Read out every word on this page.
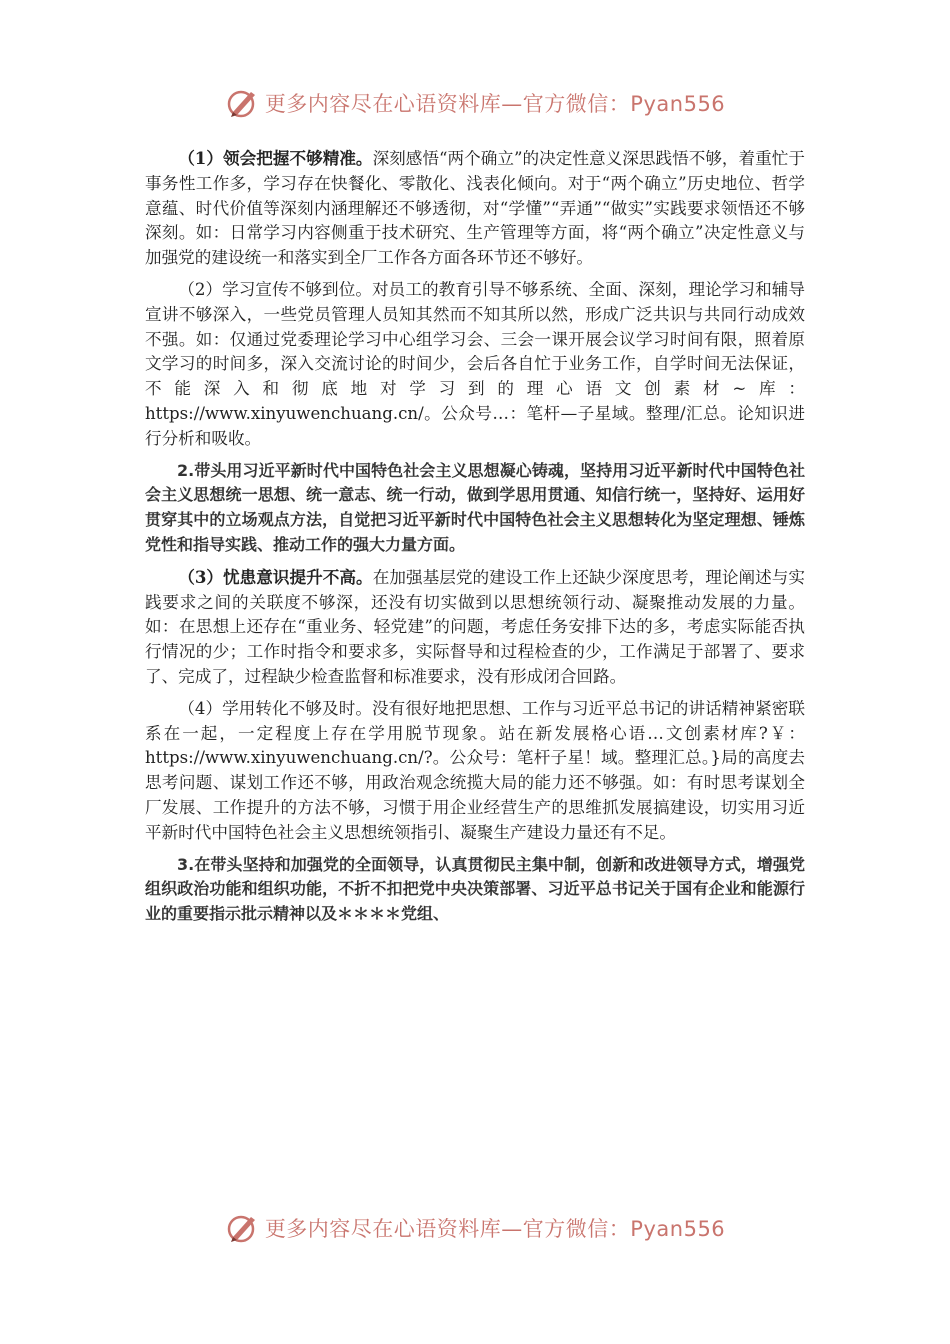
更多内容尽在心语资料库—官方微信：Pyan556

（1）领会把握不够精准。深刻感悟“两个确立”的决定性意义深思践悟不够，着重忙于事务性工作多，学习存在快餐化、零散化、浅表化倾向。对于“两个确立”历史地位、哲学意蕴、时代价值等深刻内涵理解还不够透彻，对“学懂”“弄通”“做实”实践要求领悟还不够深刻。如：日常学习内容侧重于技术研究、生产管理等方面，将“两个确立”决定性意义与加强党的建设统一和落实到全厂工作各方面各环节还不够好。

（2）学习宣传不够到位。对员工的教育引导不够系统、全面、深刻，理论学习和辅导宣讲不够深入，一些党员管理人员知其然而不知其所以然，形成广泛共识与共同行动成效不强。如：仅通过党委理论学习中心组学习会、三会一课开展会议学习时间有限，照着原文学习的时间多，深入交流讨论的时间少，会后各自忙于业务工作，自学时间无法保证，不能深入和彻底地对学习到的理心语文创素材~库：https://www.xinyuwenchuang.cn/。公众号…：笔杆—子星域。整理/汇总。论知识进行分析和吸收。

2.带头用习近平新时代中国特色社会主义思想凝心铸魂，坚持用习近平新时代中国特色社会主义思想统一思想、统一意志、统一行动，做到学思用贯通、知信行统一，坚持好、运用好贯穿其中的立场观点方法，自觉把习近平新时代中国特色社会主义思想转化为坚定理想、锤炼党性和指导实践、推动工作的强大力量方面。

（3）忧患意识提升不高。在加强基层党的建设工作上还缺少深度思考，理论阐述与实践要求之间的关联度不够深，还没有切实做到以思想统领行动、凝聚推动发展的力量。如：在思想上还存在“重业务、轻党建”的问题，考虑任务安排下达的多，考虑实际能否执行情况的少；工作时指令和要求多，实际督导和过程检查的少，工作满足于部署了、要求了、完成了，过程缺少检查监督和标准要求，没有形成闭合回路。

（4）学用转化不够及时。没有很好地把思想、工作与习近平总书记的讲话精神紧密联系在一起，一定程度上存在学用脱节现象。站在新发展格心语…文创素材库?￥：https://www.xinyuwenchuang.cn/?。公众号：笔杆子星！域。整理汇总。}局的高度去思考问题、谋划工作还不够，用政治观念统揽大局的能力还不够强。如：有时思考谋划全厂发展、工作提升的方法不够，习惯于用企业经营生产的思维抓发展搞建设，切实用习近平新时代中国特色社会主义思想统领指引、凝聚生产建设力量还有不足。

3.在带头坚持和加强党的全面领导，认真贯彻民主集中制，创新和改进领导方式，增强党组织政治功能和组织功能，不折不扣把党中央决策部署、习近平总书记关于国有企业和能源行业的重要指示批示精神以及＊＊＊＊党组、

更多内容尽在心语资料库—官方微信：Pyan556
